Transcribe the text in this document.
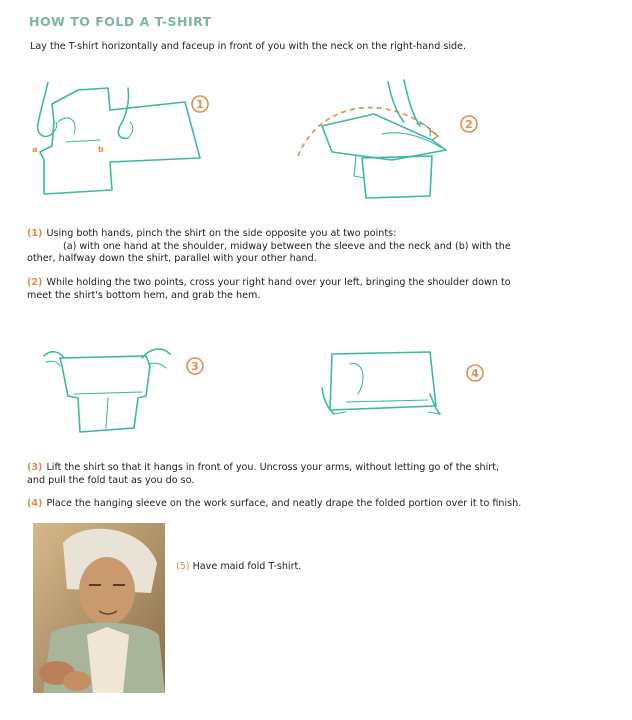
HOW TO FOLD A T-SHIRT
Lay the T-shirt horizontally and faceup in front of you with the neck on the right-hand side.
a	b
1
2
(1) Using both hands, pinch the shirt on the side opposite you at two points:
(a) with one hand at the shoulder, midway between the sleeve and the neck and (b) with the
other, halfway down the shirt, parallel with your other hand.
(2) While holding the two points, cross your right hand over your left, bringing the shoulder down to
meet the shirt's bottom hem, and grab the hem.
3
4
(3) Lift the shirt so that it hangs in front of you. Uncross your arms, without letting go of the shirt,
and pull the fold taut as you do so.
(4) Place the hanging sleeve on the work surface, and neatly drape the folded portion over it to finish.
(5) Have maid fold T-shirt.
